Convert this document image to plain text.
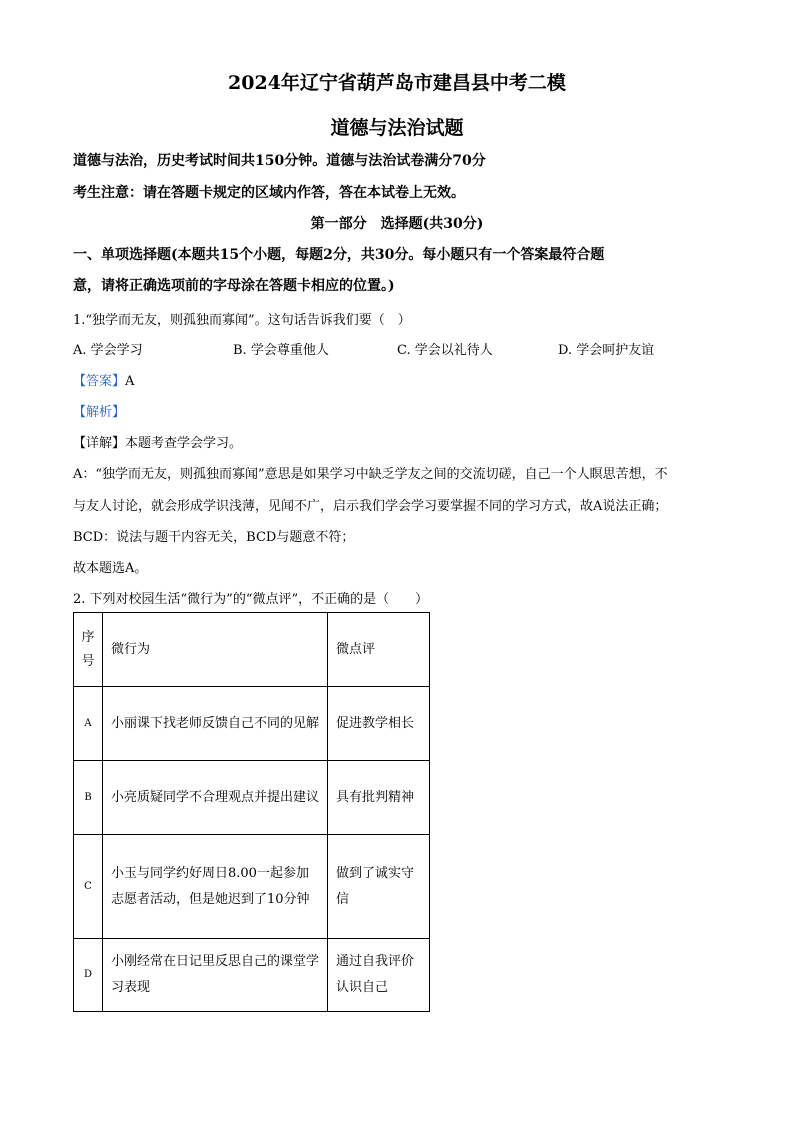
2024年辽宁省葫芦岛市建昌县中考二模
道德与法治试题
道德与法治，历史考试时间共150分钟。道德与法治试卷满分70分
考生注意：请在答题卡规定的区域内作答，答在本试卷上无效。
第一部分　选择题(共30分)
一、单项选择题(本题共15个小题，每题2分，共30分。每小题只有一个答案最符合题
意，请将正确选项前的字母涂在答题卡相应的位置。)
1.“独学而无友，则孤独而寡闻”。这句话告诉我们要（　）
A. 学会学习	B. 学会尊重他人	C. 学会以礼待人	D. 学会呵护友谊
【答案】A
【解析】
【详解】本题考查学会学习。
A：“独学而无友，则孤独而寡闻”意思是如果学习中缺乏学友之间的交流切磋，自己一个人瞑思苦想，不
与友人讨论，就会形成学识浅薄，见闻不广，启示我们学会学习要掌握不同的学习方式，故A说法正确；
BCD：说法与题干内容无关，BCD与题意不符；
故本题选A。
2. 下列对校园生活“微行为”的“微点评”，不正确的是（　　）
序号	微行为	微点评
A	小丽课下找老师反馈自己不同的见解	促进教学相长
B	小亮质疑同学不合理观点并提出建议	具有批判精神
C	小玉与同学约好周日8.00一起参加志愿者活动，但是她迟到了10分钟	做到了诚实守信
D	小刚经常在日记里反思自己的课堂学习表现	通过自我评价认识自己
